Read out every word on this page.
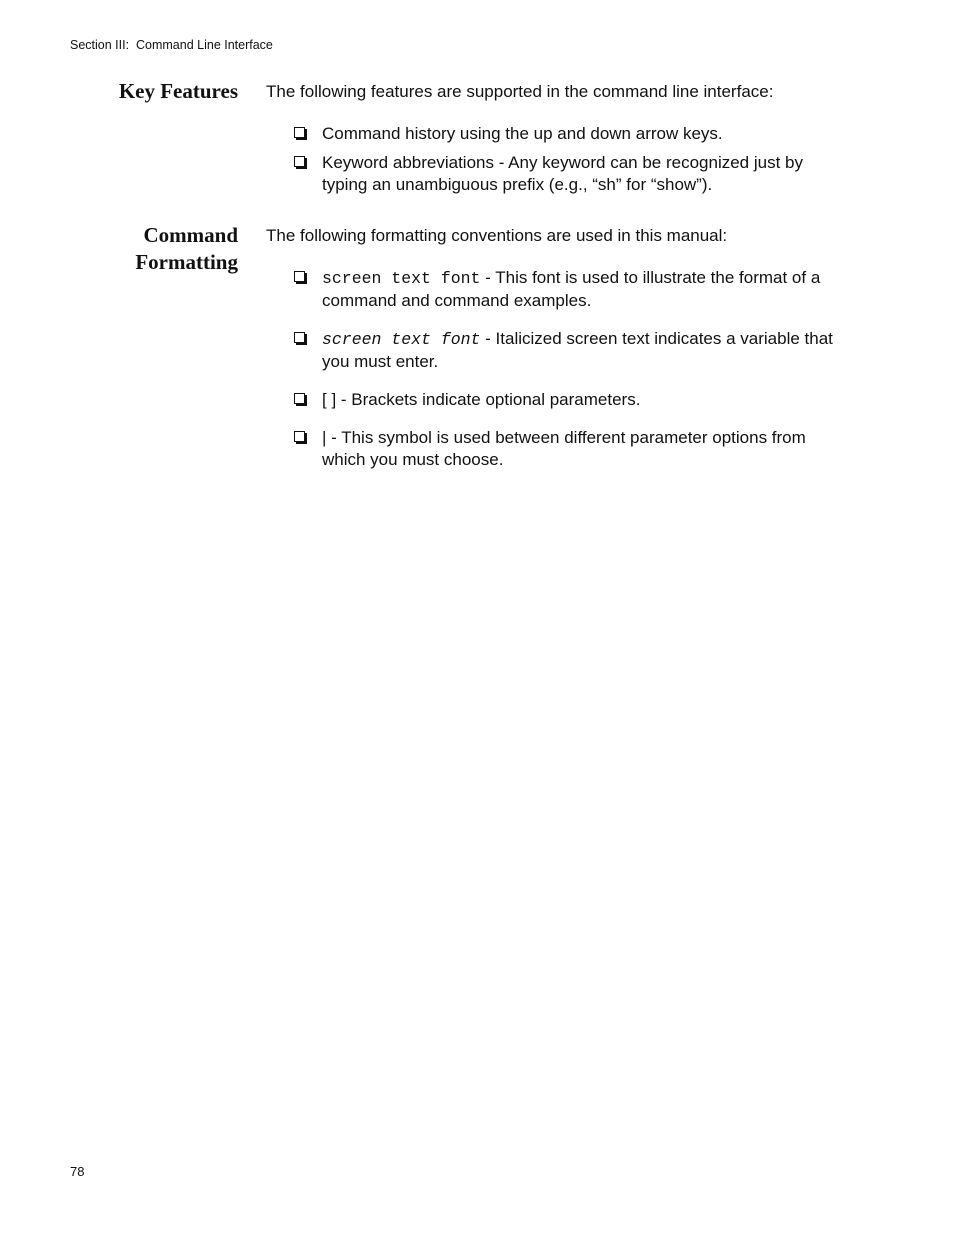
Section III:  Command Line Interface
Key Features The following features are supported in the command line interface:

Command history using the up and down arrow keys.
Keyword abbreviations - Any keyword can be recognized just by typing an unambiguous prefix (e.g., “sh” for “show”).
Command
Formatting

The following formatting conventions are used in this manual:

screen text font - This font is used to illustrate the format of a command and command examples.
screen text font - Italicized screen text indicates a variable that you must enter.
[ ] - Brackets indicate optional parameters.
| - This symbol is used between different parameter options from which you must choose.
78
